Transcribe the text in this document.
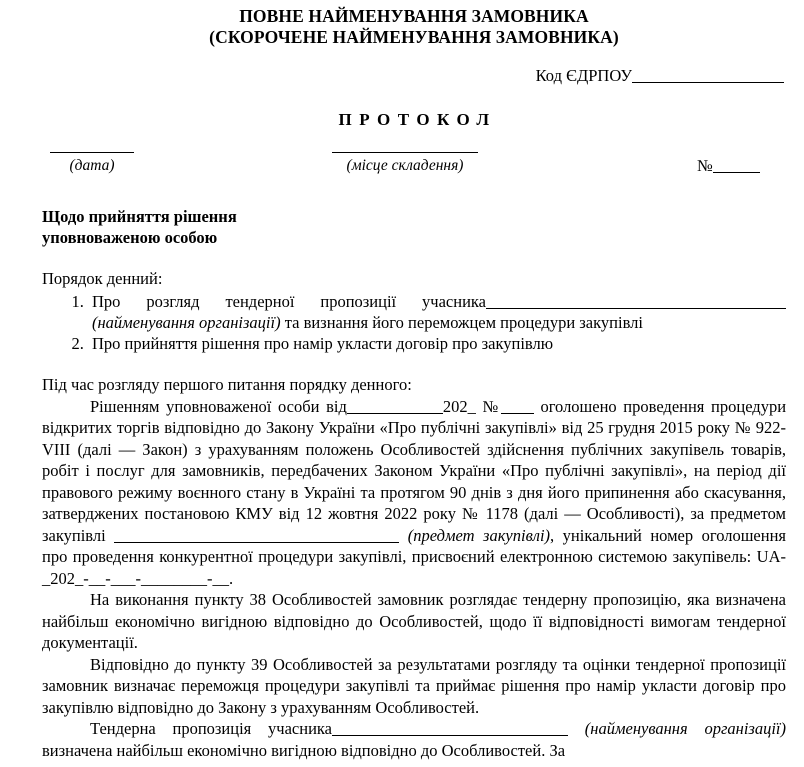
ПОВНЕ НАЙМЕНУВАННЯ ЗАМОВНИКА
(СКОРОЧЕНЕ НАЙМЕНУВАННЯ ЗАМОВНИКА)
Код ЄДРПОУ
ПРОТОКОЛ
(дата)	(місце складення)	№
Щодо прийняття рішення
уповноваженою особою
Порядок денний:
1. Про розгляд тендерної пропозиції учасника
(найменування організації) та визнання його переможцем процедури закупівлі
2. Про прийняття рішення про намір укласти договір про закупівлю
Під час розгляду першого питання порядку денного:
Рішенням уповноваженої особи від	202_ № оголошено проведення процедури відкритих торгів відповідно до Закону України «Про публічні закупівлі» від 25 грудня 2015 року № 922-VIII (далі — Закон) з урахуванням положень Особливостей здійснення публічних закупівель товарів, робіт і послуг для замовників, передбачених Законом України «Про публічні закупівлі», на період дії правового режиму воєнного стану в Україні та протягом 90 днів з дня його припинення або скасування, затверджених постановою КМУ від 12 жовтня 2022 року № 1178 (далі — Особливості), за предметом закупівлі	(предмет закупівлі), унікальний номер оголошення про проведення конкурентної процедури закупівлі, присвоєний електронною системою закупівель: UA-_202_-__-___-________-__.
На виконання пункту 38 Особливостей замовник розглядає тендерну пропозицію, яка визначена найбільш економічно вигідною відповідно до Особливостей, щодо її відповідності вимогам тендерної документації.
Відповідно до пункту 39 Особливостей за результатами розгляду та оцінки тендерної пропозиції замовник визначає переможця процедури закупівлі та приймає рішення про намір укласти договір про закупівлю відповідно до Закону з урахуванням Особливостей.
Тендерна пропозиція учасника	(найменування організації)
визначена найбільш економічно вигідною відповідно до Особливостей. За
